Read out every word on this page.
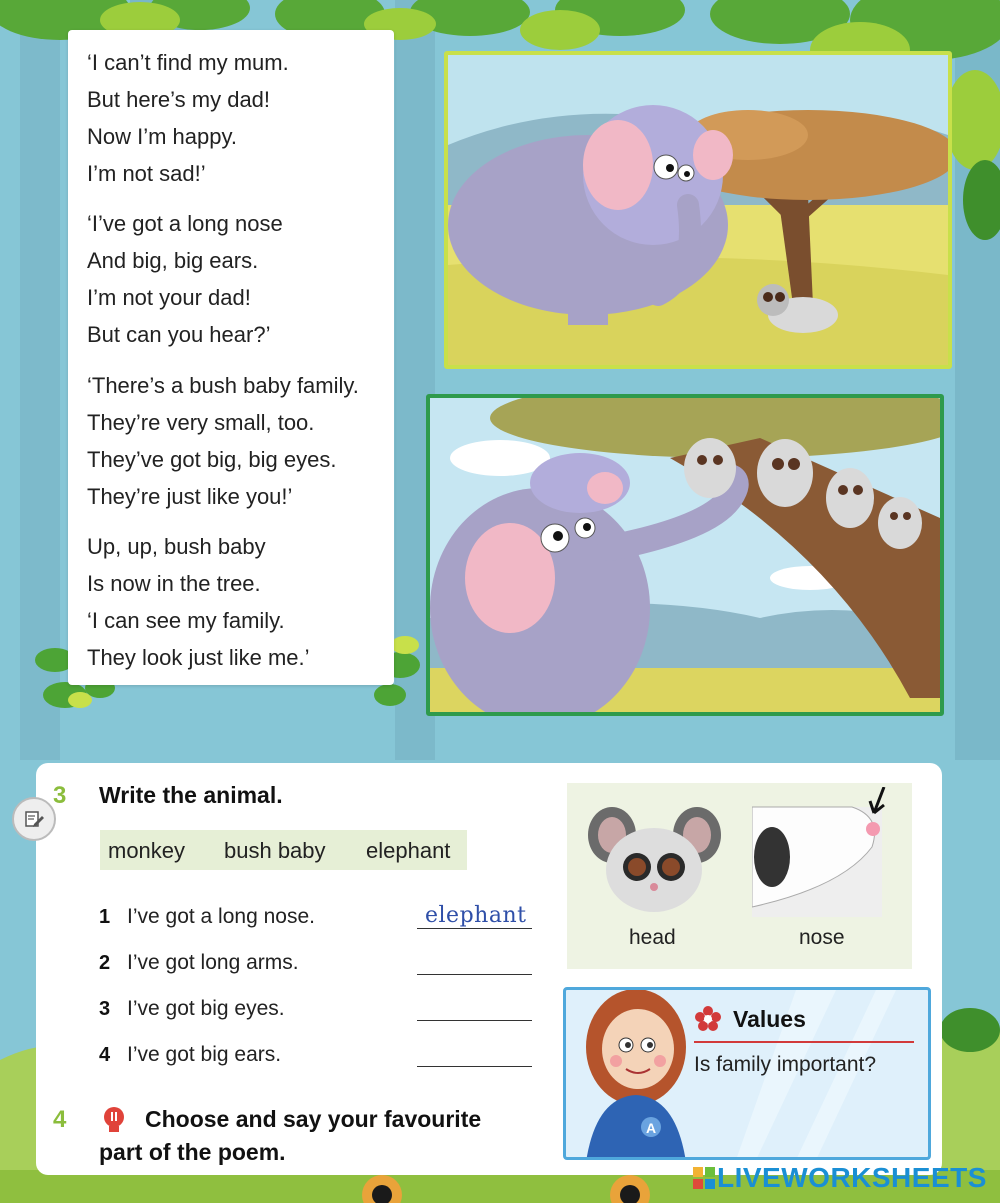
‘I can’t find my mum.
But here’s my dad!
Now I’m happy.
I’m not sad!’
‘I’ve got a long nose
And big, big ears.
I’m not your dad!
But can you hear?’
‘There’s a bush baby family.
They’re very small, too.
They’ve got big, big eyes.
They’re just like you!’
Up, up, bush baby
Is now in the tree.
‘I can see my family.
They look just like me.’
3 Write the animal.
monkey bush baby elephant
1 I’ve got a long nose.	elephant
2 I’ve got long arms.
3 I’ve got big eyes.
4 I’ve got big ears.
4	Choose and say your favourite
part of the poem.
head	nose
A
Values
Is family important?
LIVEWORKSHEETS
